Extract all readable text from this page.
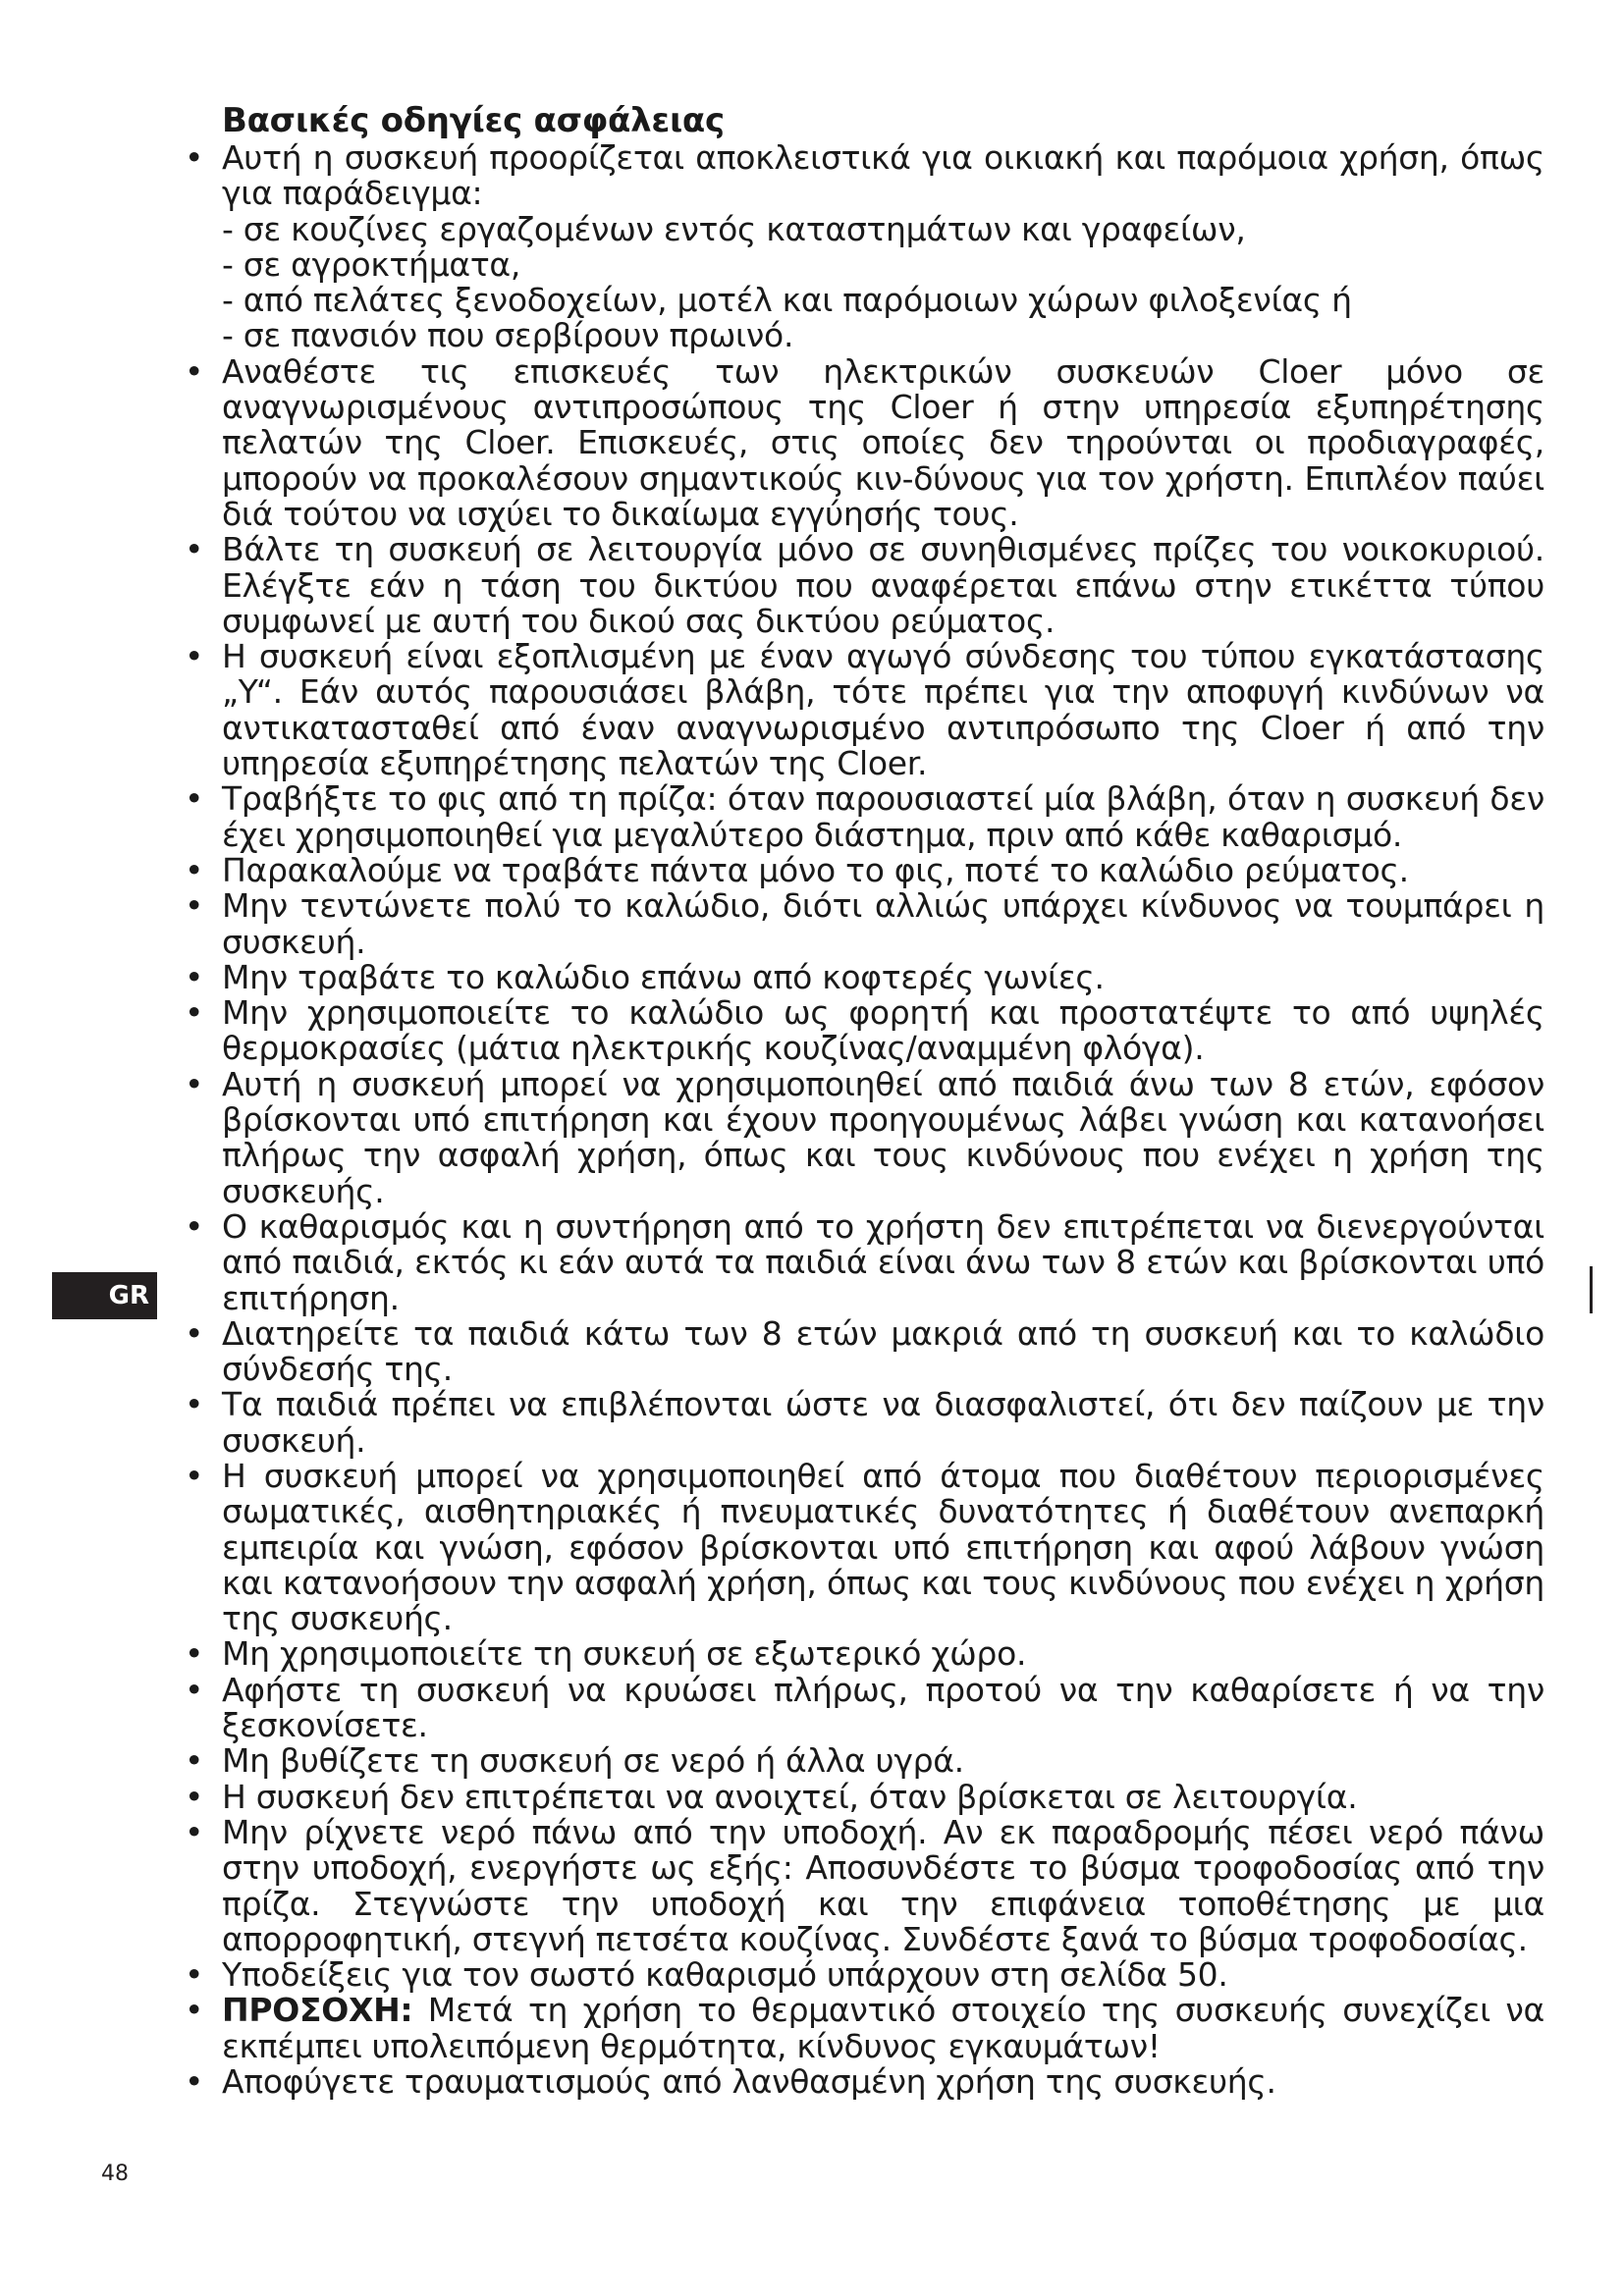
Βασικές οδηγίες ασφάλειας
• Αυτή η συσκευή προορίζεται αποκλειστικά για οικιακή και παρόμοια χρήση, όπως για παράδειγμα:
- σε κουζίνες εργαζομένων εντός καταστημάτων και γραφείων,
- σε αγροκτήματα,
- από πελάτες ξενοδοχείων, μοτέλ και παρόμοιων χώρων φιλοξενίας ή
- σε πανσιόν που σερβίρουν πρωινό.
• Αναθέστε τις επισκευές των ηλεκτρικών συσκευών Cloer μόνο σε αναγνωρισμένους αντιπροσώπους της Cloer ή στην υπηρεσία εξυπηρέτησης πελατών της Cloer. Επισκευές, στις οποίες δεν τηρούνται οι προδιαγραφές, μπορούν να προκαλέσουν σημαντικούς κιν-δύνους για τον χρήστη. Επιπλέον παύει διά τούτου να ισχύει το δικαίωμα εγγύησής τους.
• Βάλτε τη συσκευή σε λειτουργία μόνο σε συνηθισμένες πρίζες του νοικοκυριού. Ελέγξτε εάν η τάση του δικτύου που αναφέρεται επάνω στην ετικέττα τύπου συμφωνεί με αυτή του δικού σας δικτύου ρεύματος.
• Η συσκευή είναι εξοπλισμένη με έναν αγωγό σύνδεσης του τύπου εγκατάστασης „Y“. Εάν αυτός παρουσιάσει βλάβη, τότε πρέπει για την αποφυγή κινδύνων να αντικατασταθεί από έναν αναγνωρισμένο αντιπρόσωπο της Cloer ή από την υπηρεσία εξυπηρέτησης πελατών της Cloer.
• Τραβήξτε το φις από τη πρίζα: όταν παρουσιαστεί μία βλάβη, όταν η συσκευή δεν έχει χρησιμοποιηθεί για μεγαλύτερο διάστημα, πριν από κάθε καθαρισμό.
• Παρακαλούμε να τραβάτε πάντα μόνο το φις, ποτέ το καλώδιο ρεύματος.
• Μην τεντώνετε πολύ το καλώδιο, διότι αλλιώς υπάρχει κίνδυνος να τουμπάρει η συσκευή.
• Μην τραβάτε το καλώδιο επάνω από κοφτερές γωνίες.
• Μην χρησιμοποιείτε το καλώδιο ως φορητή και προστατέψτε το από υψηλές θερμοκρασίες (μάτια ηλεκτρικής κουζίνας/αναμμένη φλόγα).
• Αυτή η συσκευή μπορεί να χρησιμοποιηθεί από παιδιά άνω των 8 ετών, εφόσον βρίσκονται υπό επιτήρηση και έχουν προηγουμένως λάβει γνώση και κατανοήσει πλήρως την ασφαλή χρήση, όπως και τους κινδύνους που ενέχει η χρήση της συσκευής.
• Ο καθαρισμός και η συντήρηση από το χρήστη δεν επιτρέπεται να διενεργούνται από παιδιά, εκτός κι εάν αυτά τα παιδιά είναι άνω των 8 ετών και βρίσκονται υπό επιτήρηση.
• Διατηρείτε τα παιδιά κάτω των 8 ετών μακριά από τη συσκευή και το καλώδιο σύνδεσής της.
• Τα παιδιά πρέπει να επιβλέπονται ώστε να διασφαλιστεί, ότι δεν παίζουν με την συσκευή.
• Η συσκευή μπορεί να χρησιμοποιηθεί από άτομα που διαθέτουν περιορισμένες σωματικές, αισθητηριακές ή πνευματικές δυνατότητες ή διαθέτουν ανεπαρκή εμπειρία και γνώση, εφόσον βρίσκονται υπό επιτήρηση και αφού λάβουν γνώση και κατανοήσουν την ασφαλή χρήση, όπως και τους κινδύνους που ενέχει η χρήση της συσκευής.
• Μη χρησιμοποιείτε τη συκευή σε εξωτερικό χώρο.
• Αφήστε τη συσκευή να κρυώσει πλήρως, προτού να την καθαρίσετε ή να την ξεσκονίσετε.
• Μη βυθίζετε τη συσκευή σε νερό ή άλλα υγρά.
• Η συσκευή δεν επιτρέπεται να ανοιχτεί, όταν βρίσκεται σε λειτουργία.
• Μην ρίχνετε νερό πάνω από την υποδοχή. Αν εκ παραδρομής πέσει νερό πάνω στην υποδοχή, ενεργήστε ως εξής: Αποσυνδέστε το βύσμα τροφοδοσίας από την πρίζα. Στεγνώστε την υποδοχή και την επιφάνεια τοποθέτησης με μια απορροφητική, στεγνή πετσέτα κουζίνας. Συνδέστε ξανά το βύσμα τροφοδοσίας.
• Υποδείξεις για τον σωστό καθαρισμό υπάρχουν στη σελίδα 50.
• ΠΡΟΣΟΧΗ: Μετά τη χρήση το θερμαντικό στοιχείο της συσκευής συνεχίζει να εκπέμπει υπολειπόμενη θερμότητα, κίνδυνος εγκαυμάτων!
• Αποφύγετε τραυματισμούς από λανθασμένη χρήση της συσκευής.
GR
48
